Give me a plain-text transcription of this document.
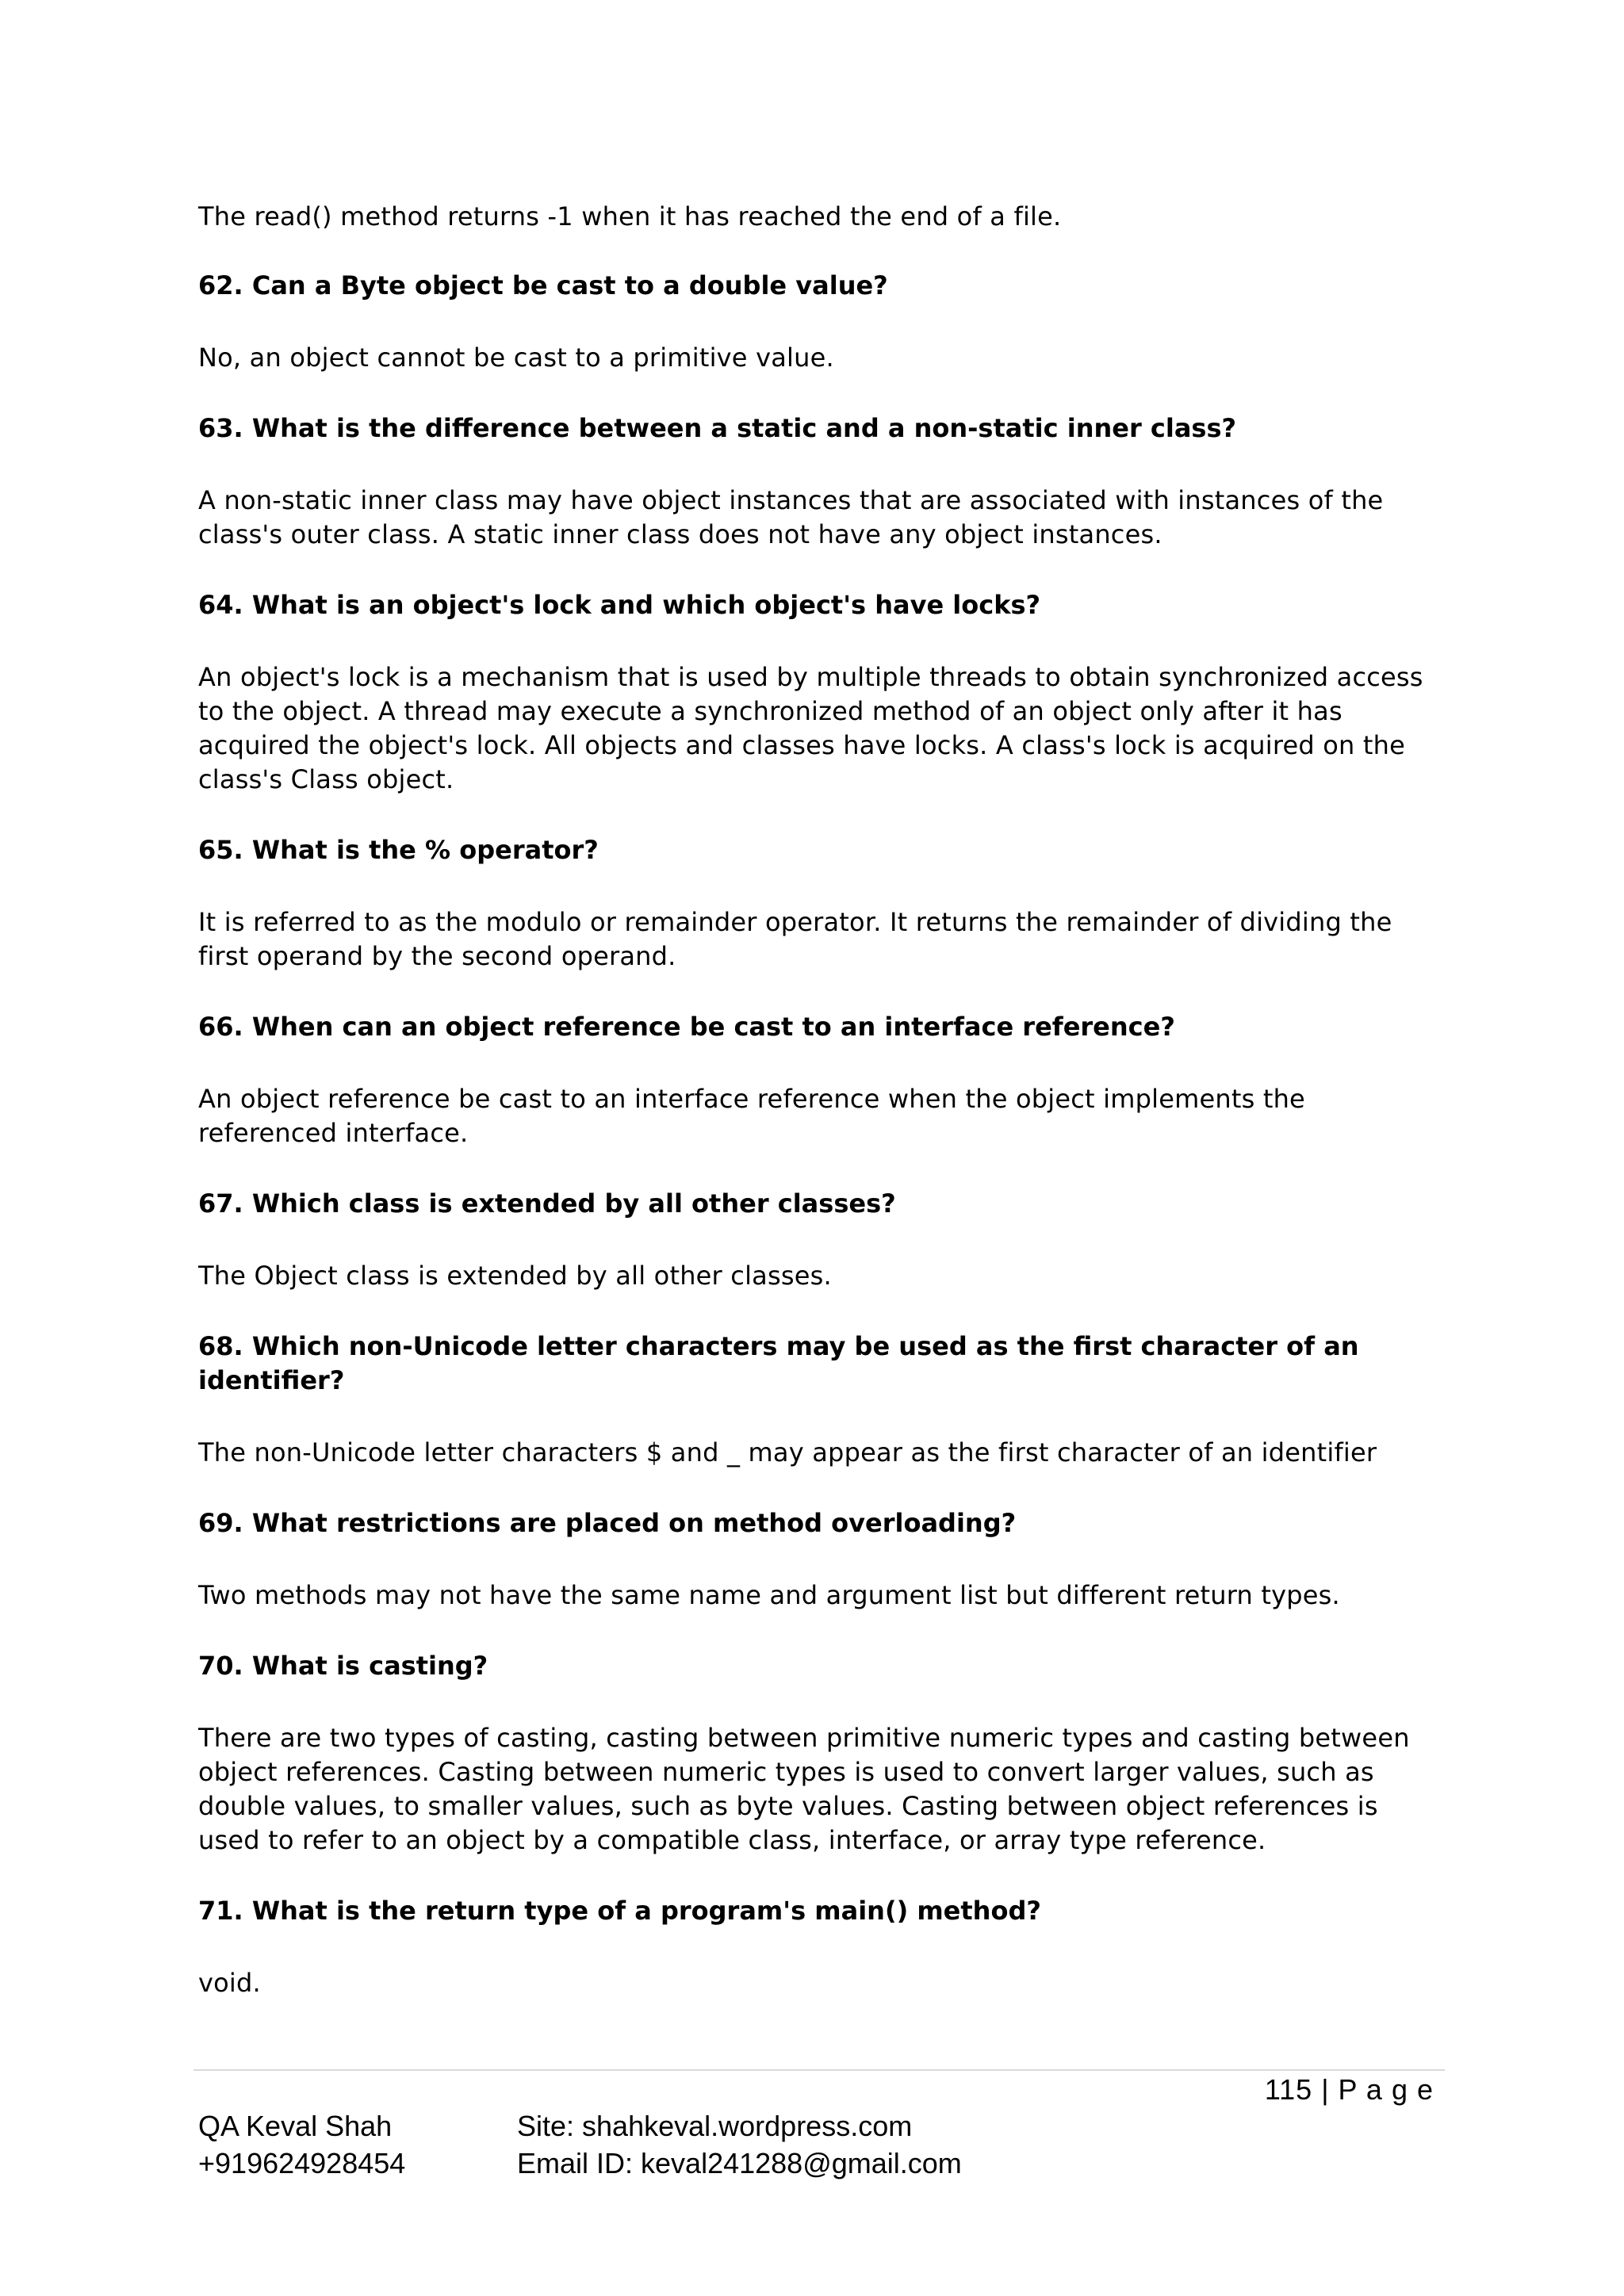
The read() method returns -1 when it has reached the end of a file.

62. Can a Byte object be cast to a double value?

No, an object cannot be cast to a primitive value.

63. What is the difference between a static and a non-static inner class?

A non-static inner class may have object instances that are associated with instances of the class's outer class. A static inner class does not have any object instances.

64. What is an object's lock and which object's have locks?

An object's lock is a mechanism that is used by multiple threads to obtain synchronized access to the object. A thread may execute a synchronized method of an object only after it has acquired the object's lock. All objects and classes have locks. A class's lock is acquired on the class's Class object.

65. What is the % operator?

It is referred to as the modulo or remainder operator. It returns the remainder of dividing the first operand by the second operand.

66. When can an object reference be cast to an interface reference?

An object reference be cast to an interface reference when the object implements the referenced interface.

67. Which class is extended by all other classes?

The Object class is extended by all other classes.

68. Which non-Unicode letter characters may be used as the first character of an identifier?

The non-Unicode letter characters $ and _ may appear as the first character of an identifier

69. What restrictions are placed on method overloading?

Two methods may not have the same name and argument list but different return types.

70. What is casting?

There are two types of casting, casting between primitive numeric types and casting between object references. Casting between numeric types is used to convert larger values, such as double values, to smaller values, such as byte values. Casting between object references is used to refer to an object by a compatible class, interface, or array type reference.

71. What is the return type of a program's main() method?

void.

115 | P a g e
QA Keval Shah
+919624928454
Site: shahkeval.wordpress.com
Email ID: keval241288@gmail.com
